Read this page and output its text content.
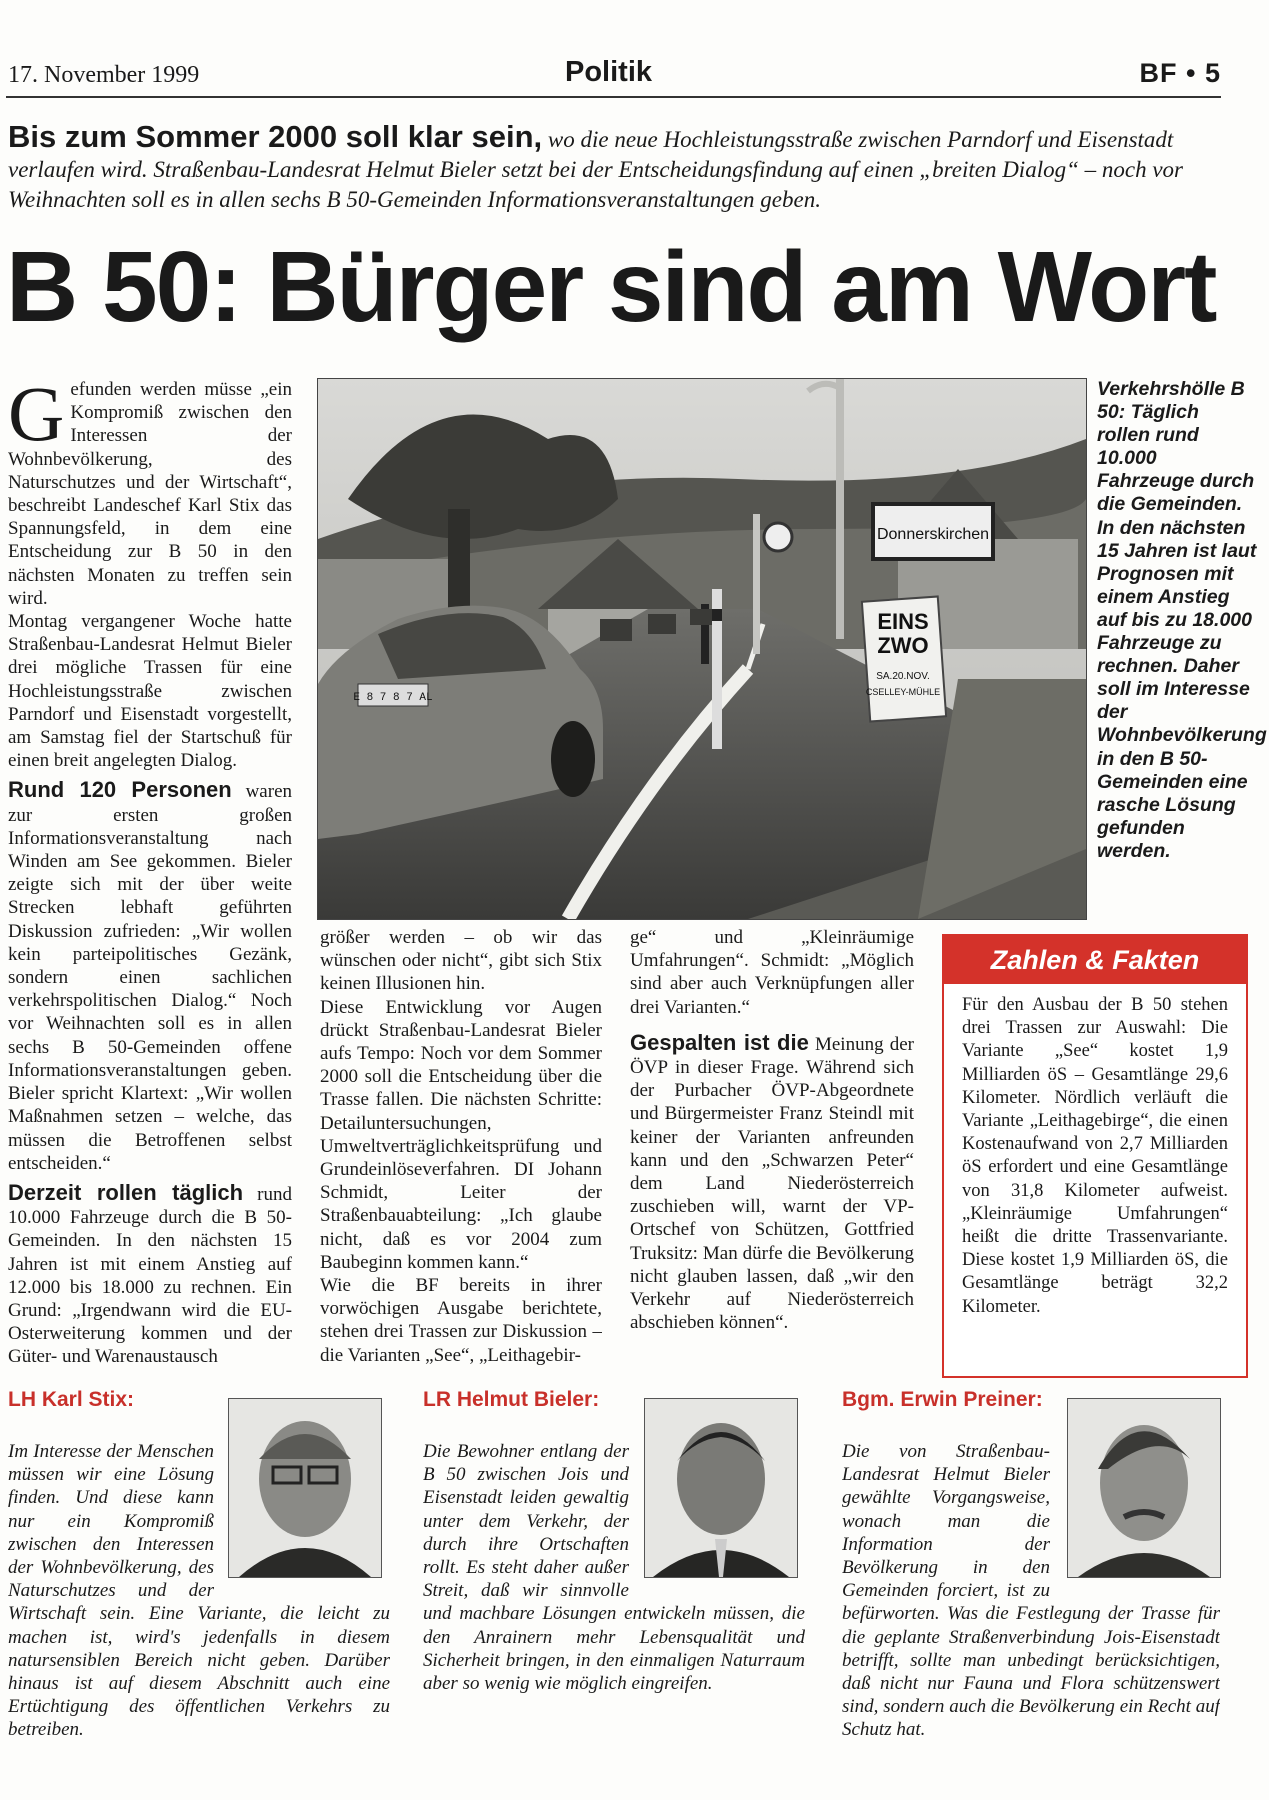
17. November 1999	Politik	BF • 5
Bis zum Sommer 2000 soll klar sein, wo die neue Hochleistungsstraße zwischen Parndorf und Eisenstadt verlaufen wird. Straßenbau-Landesrat Helmut Bieler setzt bei der Entscheidungsfindung auf einen „breiten Dialog“ – noch vor Weihnachten soll es in allen sechs B 50-Gemeinden Informationsveranstaltungen geben.
B 50: Bürger sind am Wort

Gefunden werden müsse „ein Kompromiß zwischen den Interessen der Wohnbevölkerung, des Naturschutzes und der Wirtschaft“, beschreibt Landeschef Karl Stix das Spannungsfeld, in dem eine Entscheidung zur B 50 in den nächsten Monaten zu treffen sein wird.

Montag vergangener Woche hatte Straßenbau-Landesrat Helmut Bieler drei mögliche Trassen für eine Hochleistungsstraße zwischen Parndorf und Eisenstadt vorgestellt, am Samstag fiel der Startschuß für einen breit angelegten Dialog.

Rund 120 Personen waren zur ersten großen Informationsveranstaltung nach Winden am See gekommen. Bieler zeigte sich mit der über weite Strecken lebhaft geführten Diskussion zufrieden: „Wir wollen kein parteipolitisches Gezänk, sondern einen sachlichen verkehrspolitischen Dialog.“ Noch vor Weihnachten soll es in allen sechs B 50-Gemeinden offene Informationsveranstaltungen geben. Bieler spricht Klartext: „Wir wollen Maßnahmen setzen – welche, das müssen die Betroffenen selbst entscheiden.“

Derzeit rollen täglich rund 10.000 Fahrzeuge durch die B 50-Gemeinden. In den nächsten 15 Jahren ist mit einem Anstieg auf 12.000 bis 18.000 zu rechnen. Ein Grund: „Irgendwann wird die EU-Osterweiterung kommen und der Güter- und Warenaustausch

Donnerskirchen
EINS
ZWO
SA.20.NOV.
CSELLEY-MÜHLE
E 8 7 8 7 AL
Verkehrshölle B 50: Täglich rollen rund 10.000 Fahrzeuge durch die Gemeinden. In den nächsten 15 Jahren ist laut Prognosen mit einem Anstieg auf bis zu 18.000 Fahrzeuge zu rechnen. Daher soll im Interesse der Wohnbevölkerung in den B 50-Gemeinden eine rasche Lösung gefunden werden.

größer werden – ob wir das wünschen oder nicht“, gibt sich Stix keinen Illusionen hin.

Diese Entwicklung vor Augen drückt Straßenbau-Landesrat Bieler aufs Tempo: Noch vor dem Sommer 2000 soll die Entscheidung über die Trasse fallen. Die nächsten Schritte: Detailuntersuchungen, Umweltverträglichkeitsprüfung und Grundeinlöseverfahren. DI Johann Schmidt, Leiter der Straßenbauabteilung: „Ich glaube nicht, daß es vor 2004 zum Baubeginn kommen kann.“

Wie die BF bereits in ihrer vorwöchigen Ausgabe berichtete, stehen drei Trassen zur Diskussion – die Varianten „See“, „Leithagebir-

ge“ und „Kleinräumige Umfahrungen“. Schmidt: „Möglich sind aber auch Verknüpfungen aller drei Varianten.“

Gespalten ist die Meinung der ÖVP in dieser Frage. Während sich der Purbacher ÖVP-Abgeordnete und Bürgermeister Franz Steindl mit keiner der Varianten anfreunden kann und den „Schwarzen Peter“ dem Land Niederösterreich zuschieben will, warnt der VP-Ortschef von Schützen, Gottfried Truksitz: Man dürfe die Bevölkerung nicht glauben lassen, daß „wir den Verkehr auf Niederösterreich abschieben können“.

Zahlen & Fakten
Für den Ausbau der B 50 stehen drei Trassen zur Auswahl: Die Variante „See“ kostet 1,9 Milliarden öS – Gesamtlänge 29,6 Kilometer. Nördlich verläuft die Variante „Leithagebirge“, die einen Kostenaufwand von 2,7 Milliarden öS erfordert und eine Gesamtlänge von 31,8 Kilometer aufweist. „Kleinräumige Umfahrungen“ heißt die dritte Trassenvariante. Diese kostet 1,9 Milliarden öS, die Gesamtlänge beträgt 32,2 Kilometer.
LH Karl Stix:
Im Interesse der Menschen müssen wir eine Lösung finden. Und diese kann nur ein Kompromiß zwischen den Interessen der Wohnbevölkerung, des Naturschutzes und der Wirtschaft sein. Eine Variante, die leicht zu machen ist, wird's jedenfalls in diesem natursensiblen Bereich nicht geben. Darüber hinaus ist auf diesem Abschnitt auch eine Ertüchtigung des öffentlichen Verkehrs zu betreiben.
LR Helmut Bieler:
Die Bewohner entlang der B 50 zwischen Jois und Eisenstadt leiden gewaltig unter dem Verkehr, der durch ihre Ortschaften rollt. Es steht daher außer Streit, daß wir sinnvolle und machbare Lösungen entwickeln müssen, die den Anrainern mehr Lebensqualität und Sicherheit bringen, in den einmaligen Naturraum aber so wenig wie möglich eingreifen.
Bgm. Erwin Preiner:
Die von Straßenbau-Landesrat Helmut Bieler gewählte Vorgangsweise, wonach man die Information der Bevölkerung in den Gemeinden forciert, ist zu befürworten. Was die Festlegung der Trasse für die geplante Straßenverbindung Jois-Eisenstadt betrifft, sollte man unbedingt berücksichtigen, daß nicht nur Fauna und Flora schützenswert sind, sondern auch die Bevölkerung ein Recht auf Schutz hat.
